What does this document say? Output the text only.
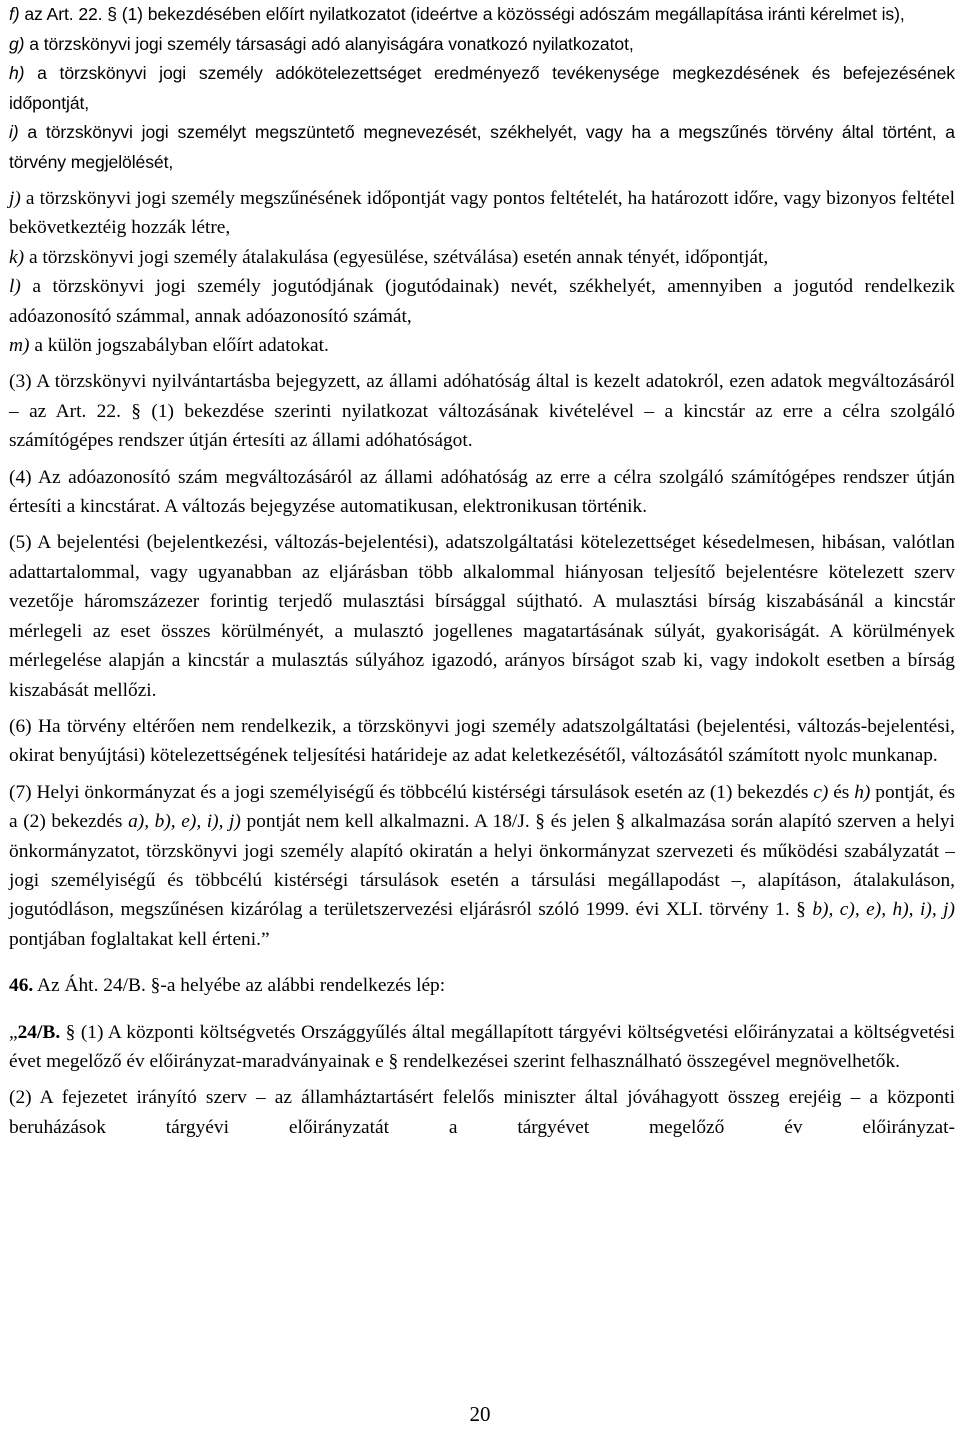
f) az Art. 22. § (1) bekezdésében előírt nyilatkozatot (ideértve a közösségi adószám megállapítása iránti kérelmet is),

g) a törzskönyvi jogi személy társasági adó alanyiságára vonatkozó nyilatkozatot,

h) a törzskönyvi jogi személy adókötelezettséget eredményező tevékenysége megkezdésének és befejezésének időpontját,

i) a törzskönyvi jogi személyt megszüntető megnevezését, székhelyét, vagy ha a megszűnés törvény által történt, a törvény megjelölését,

j) a törzskönyvi jogi személy megszűnésének időpontját vagy pontos feltételét, ha határozott időre, vagy bizonyos feltétel bekövetkeztéig hozzák létre,

k) a törzskönyvi jogi személy átalakulása (egyesülése, szétválása) esetén annak tényét, időpontját,

l) a törzskönyvi jogi személy jogutódjának (jogutódainak) nevét, székhelyét, amennyiben a jogutód rendelkezik adóazonosító számmal, annak adóazonosító számát,

m) a külön jogszabályban előírt adatokat.

(3) A törzskönyvi nyilvántartásba bejegyzett, az állami adóhatóság által is kezelt adatokról, ezen adatok megváltozásáról – az Art. 22. § (1) bekezdése szerinti nyilatkozat változásának kivételével – a kincstár az erre a célra szolgáló számítógépes rendszer útján értesíti az állami adóhatóságot.

(4) Az adóazonosító szám megváltozásáról az állami adóhatóság az erre a célra szolgáló számítógépes rendszer útján értesíti a kincstárat. A változás bejegyzése automatikusan, elektronikusan történik.

(5) A bejelentési (bejelentkezési, változás-bejelentési), adatszolgáltatási kötelezettséget késedelmesen, hibásan, valótlan adattartalommal, vagy ugyanabban az eljárásban több alkalommal hiányosan teljesítő bejelentésre kötelezett szerv vezetője háromszázezer forintig terjedő mulasztási bírsággal sújtható. A mulasztási bírság kiszabásánál a kincstár mérlegeli az eset összes körülményét, a mulasztó jogellenes magatartásának súlyát, gyakoriságát. A körülmények mérlegelése alapján a kincstár a mulasztás súlyához igazodó, arányos bírságot szab ki, vagy indokolt esetben a bírság kiszabását mellőzi.

(6) Ha törvény eltérően nem rendelkezik, a törzskönyvi jogi személy adatszolgáltatási (bejelentési, változás-bejelentési, okirat benyújtási) kötelezettségének teljesítési határideje az adat keletkezésétől, változásától számított nyolc munkanap.

(7) Helyi önkormányzat és a jogi személyiségű és többcélú kistérségi társulások esetén az (1) bekezdés c) és h) pontját, és a (2) bekezdés a), b), e), i), j) pontját nem kell alkalmazni. A 18/J. § és jelen § alkalmazása során alapító szerven a helyi önkormányzatot, törzskönyvi jogi személy alapító okiratán a helyi önkormányzat szervezeti és működési szabályzatát – jogi személyiségű és többcélú kistérségi társulások esetén a társulási megállapodást –, alapításon, átalakuláson, jogutódláson, megszűnésen kizárólag a területszervezési eljárásról szóló 1999. évi XLI. törvény 1. § b), c), e), h), i), j) pontjában foglaltakat kell érteni.”

46. Az Áht. 24/B. §-a helyébe az alábbi rendelkezés lép:

„24/B. § (1) A központi költségvetés Országgyűlés által megállapított tárgyévi költségvetési előirányzatai a költségvetési évet megelőző év előirányzat-maradványainak e § rendelkezései szerint felhasználható összegével megnövelhetők.

(2) A fejezetet irányító szerv – az államháztartásért felelős miniszter által jóváhagyott összeg erejéig – a központi beruházások tárgyévi előirányzatát a tárgyévet megelőző év előirányzat-

20
